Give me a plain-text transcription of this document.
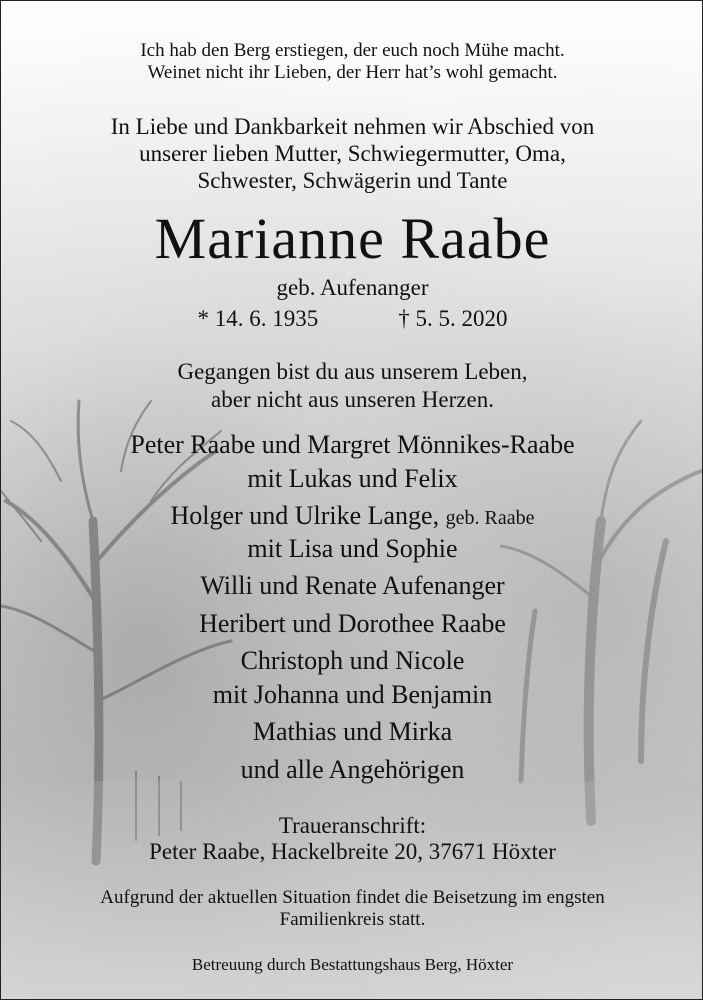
Ich hab den Berg erstiegen, der euch noch Mühe macht.
Weinet nicht ihr Lieben, der Herr hat’s wohl gemacht.
In Liebe und Dankbarkeit nehmen wir Abschied von
unserer lieben Mutter, Schwiegermutter, Oma,
Schwester, Schwägerin und Tante
Marianne Raabe
geb. Aufenanger
* 14. 6. 1935	† 5. 5. 2020
Gegangen bist du aus unserem Leben,
aber nicht aus unseren Herzen.
Peter Raabe und Margret Mönnikes-Raabe
mit Lukas und Felix
Holger und Ulrike Lange, geb. Raabe
mit Lisa und Sophie
Willi und Renate Aufenanger
Heribert und Dorothee Raabe
Christoph und Nicole
mit Johanna und Benjamin
Mathias und Mirka
und alle Angehörigen
Traueranschrift:
Peter Raabe, Hackelbreite 20, 37671 Höxter
Aufgrund der aktuellen Situation findet die Beisetzung im engsten
Familienkreis statt.
Betreuung durch Bestattungshaus Berg, Höxter
